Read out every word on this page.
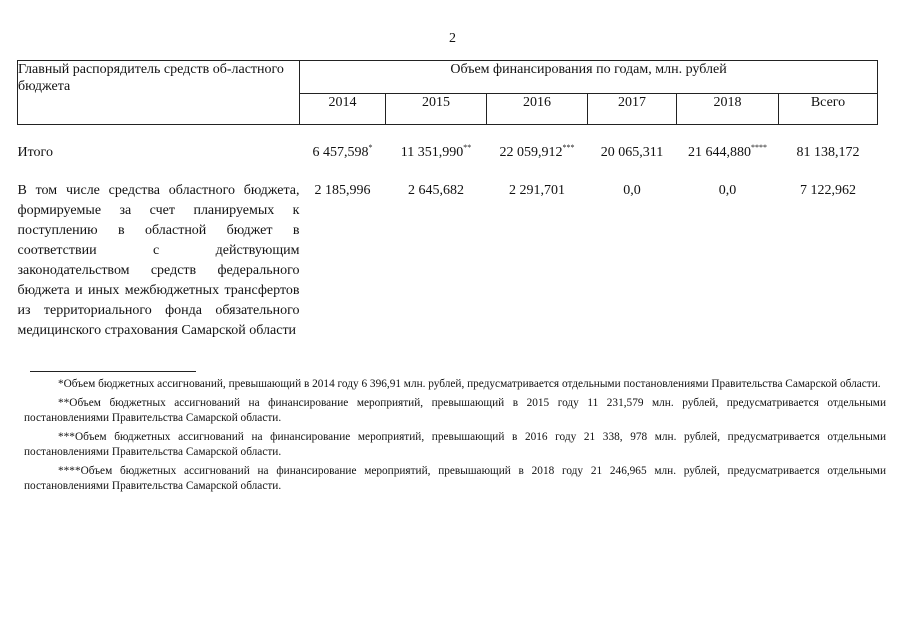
2
Главный распорядитель средств об-ластного бюджета	Объем финансирования по годам, млн. рублей					
	2014	2015	2016	2017	2018	Всего
Итого	6 457,598*	11 351,990**	22 059,912***	20 065,311	21 644,880****	81 138,172
В том числе средства областного бюджета, формируемые за счет планируемых к поступлению в областной бюджет в соответствии с действующим законодательством средств федерального бюджета и иных межбюджетных трансфертов из территориального фонда обязательного медицинского страхования Самарской области	2 185,996	2 645,682	2 291,701	0,0	0,0	7 122,962

*Объем бюджетных ассигнований, превышающий в 2014 году 6 396,91 млн. рублей, предусматривается отдельными постановлениями Правительства Самарской области.

**Объем бюджетных ассигнований на финансирование мероприятий, превышающий в 2015 году 11 231,579 млн. рублей, предусматривается отдельными постановлениями Правительства Самарской области.

***Объем бюджетных ассигнований на финансирование мероприятий, превышающий в 2016 году 21 338, 978 млн. рублей, предусматривается отдельными постановлениями Правительства Самарской области.

****Объем бюджетных ассигнований на финансирование мероприятий, превышающий в 2018 году 21 246,965 млн. рублей, предусматривается отдельными постановлениями Правительства Самарской области.
